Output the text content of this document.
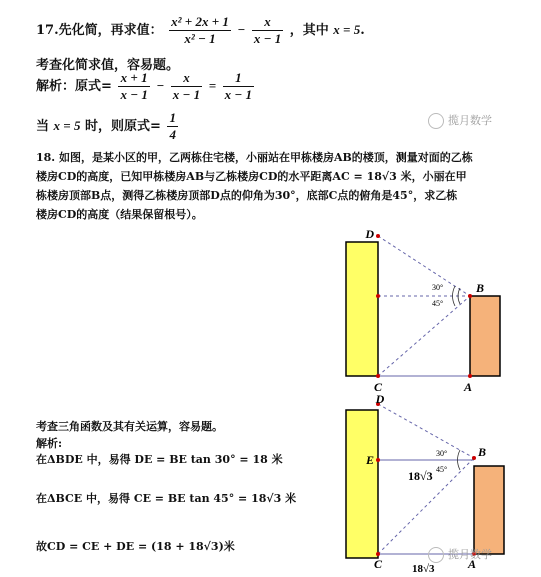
17.先化简，再求值： $\frac{\text{x² + 2x + 1}}{\text{x² − 1}} - \frac{x}{x - 1}$ ，其中 x = 5.
考查化简求值，容易题。
解析：原式= $\frac{x + 1}{x - 1} - \frac{x}{x - 1} = \frac{1}{x - 1}$
揽月数学
当 x = 5 时，则原式= $\frac{1}{4}$
18. 如图，是某小区的甲，乙两栋住宅楼，小丽站在甲栋楼房AB的楼顶，测量对面的乙栋
楼房CD的高度，已知甲栋楼房AB与乙栋楼房CD的水平距离AC = 18√3 米，小丽在甲
栋楼房顶部B点，测得乙栋楼房顶部D点的仰角为30°，底部C点的俯角是45°，求乙栋
楼房CD的高度（结果保留根号）。
D
B
C	A
30°
45°
考查三角函数及其有关运算，容易题。
解析:
在ΔBDE 中，易得 DE = BE tan 30° = 18 米
在ΔBCE 中，易得 CE = BE tan 45° = 18√3 米
故CD = CE + DE = (18 + 18√3)米
D
E
B
C	A
30°
45°
18√3
18√3
揽月数学
